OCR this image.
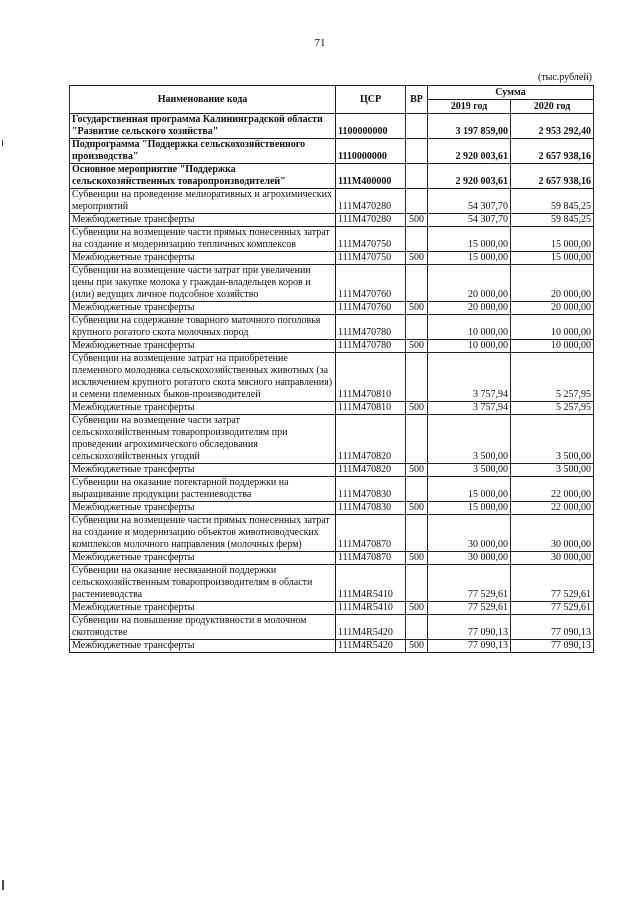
71
(тыс.рублей)
Наименование кода	ЦСР	ВР	Сумма	
			2019 год	2020 год
Государственная программа Калининградской области "Развитие сельского хозяйства"	1100000000		3 197 859,00	2 953 292,40
Подпрограмма "Поддержка сельскохозяйственного производства"	1110000000		2 920 003,61	2 657 938,16
Основное мероприятие "Поддержка сельскохозяйственных товаропроизводителей"	111M400000		2 920 003,61	2 657 938,16
Субвенции на проведение мелиоративных и агрохимических мероприятий	111M470280		54 307,70	59 845,25
Межбюджетные трансферты	111M470280	500	54 307,70	59 845,25
Субвенции на возмещение части прямых понесенных затрат на создание и модернизацию тепличных комплексов	111M470750		15 000,00	15 000,00
Межбюджетные трансферты	111M470750	500	15 000,00	15 000,00
Субвенции на возмещение части затрат при увеличении цены при закупке молока у граждан-владельцев коров и (или) ведущих личное подсобное хозяйство	111M470760		20 000,00	20 000,00
Межбюджетные трансферты	111M470760	500	20 000,00	20 000,00
Субвенции на содержание товарного маточного поголовья крупного рогатого скота молочных пород	111M470780		10 000,00	10 000,00
Межбюджетные трансферты	111M470780	500	10 000,00	10 000,00
Субвенции на возмещение затрат на приобретение племенного молодняка сельскохозяйственных животных (за исключением крупного рогатого скота мясного направления) и семени племенных быков-производителей	111M470810		3 757,94	5 257,95
Межбюджетные трансферты	111M470810	500	3 757,94	5 257,95
Субвенции на возмещение части затрат сельскохозяйственным товаропроизводителям при проведении агрохимического обследования сельскохозяйственных угодий	111M470820		3 500,00	3 500,00
Межбюджетные трансферты	111M470820	500	3 500,00	3 500,00
Субвенции на оказание погектарной поддержки на выращивание продукции растениеводства	111M470830		15 000,00	22 000,00
Межбюджетные трансферты	111M470830	500	15 000,00	22 000,00
Субвенции на возмещение части прямых понесенных затрат на создание и модернизацию объектов животноводческих комплексов молочного направления (молочных ферм)	111M470870		30 000,00	30 000,00
Межбюджетные трансферты	111M470870	500	30 000,00	30 000,00
Субвенции на оказание несвязанной поддержки сельскохозяйственным товаропроизводителям в области растениеводства	111M4R5410		77 529,61	77 529,61
Межбюджетные трансферты	111M4R5410	500	77 529,61	77 529,61
Субвенции на повышение продуктивности в молочном скотоводстве	111M4R5420		77 090,13	77 090,13
Межбюджетные трансферты	111M4R5420	500	77 090,13	77 090,13
